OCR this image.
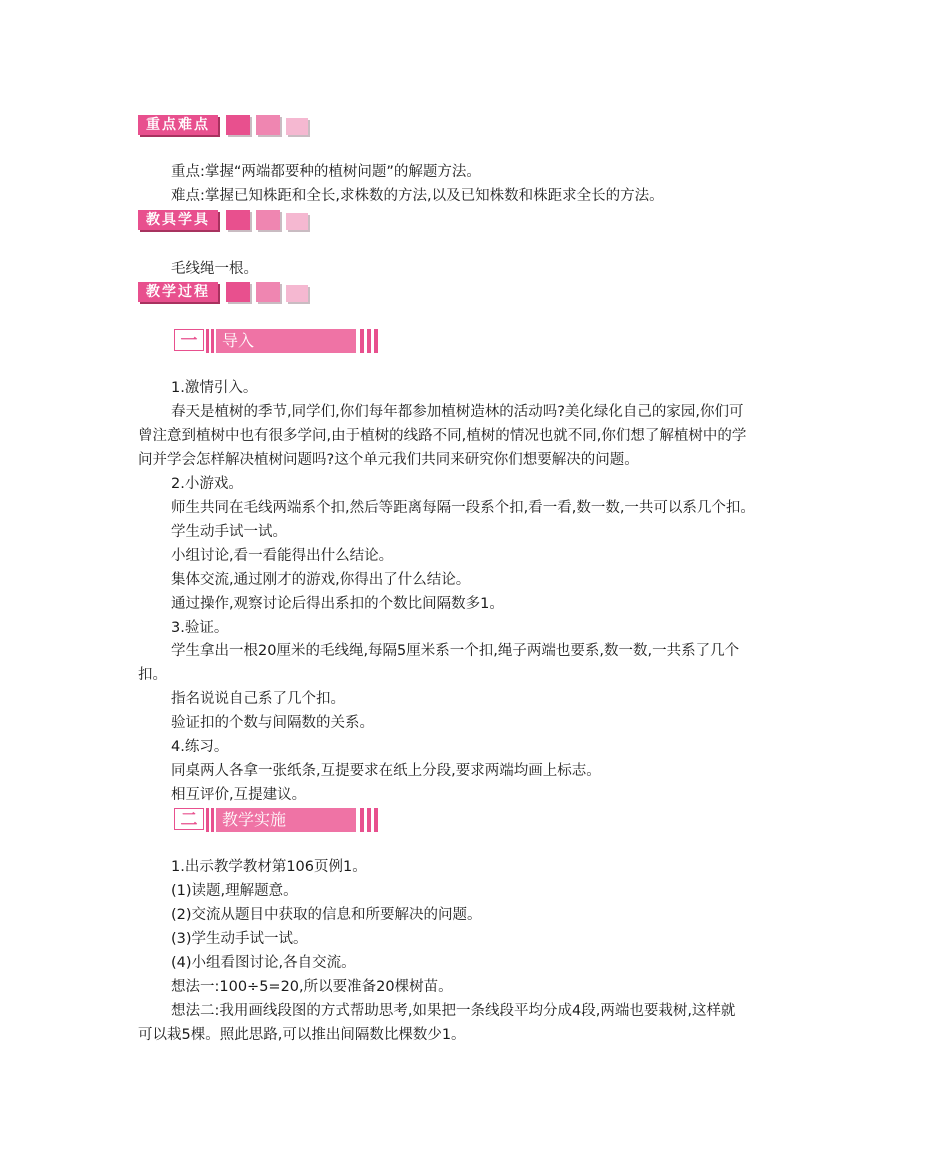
重点难点
重点:掌握“两端都要种的植树问题”的解题方法。
难点:掌握已知株距和全长,求株数的方法,以及已知株数和株距求全长的方法。
教具学具
毛线绳一根。
教学过程
一	导入
1.激情引入。
春天是植树的季节,同学们,你们每年都参加植树造林的活动吗?美化绿化自己的家园,你们可
曾注意到植树中也有很多学问,由于植树的线路不同,植树的情况也就不同,你们想了解植树中的学
问并学会怎样解决植树问题吗?这个单元我们共同来研究你们想要解决的问题。
2.小游戏。
师生共同在毛线两端系个扣,然后等距离每隔一段系个扣,看一看,数一数,一共可以系几个扣。
学生动手试一试。
小组讨论,看一看能得出什么结论。
集体交流,通过刚才的游戏,你得出了什么结论。
通过操作,观察讨论后得出系扣的个数比间隔数多1。
3.验证。
学生拿出一根20厘米的毛线绳,每隔5厘米系一个扣,绳子两端也要系,数一数,一共系了几个
扣。
指名说说自己系了几个扣。
验证扣的个数与间隔数的关系。
4.练习。
同桌两人各拿一张纸条,互提要求在纸上分段,要求两端均画上标志。
相互评价,互提建议。
二	教学实施
1.出示教学教材第106页例1。
(1)读题,理解题意。
(2)交流从题目中获取的信息和所要解决的问题。
(3)学生动手试一试。
(4)小组看图讨论,各自交流。
想法一:100÷5=20,所以要准备20棵树苗。
想法二:我用画线段图的方式帮助思考,如果把一条线段平均分成4段,两端也要栽树,这样就
可以栽5棵。照此思路,可以推出间隔数比棵数少1。
